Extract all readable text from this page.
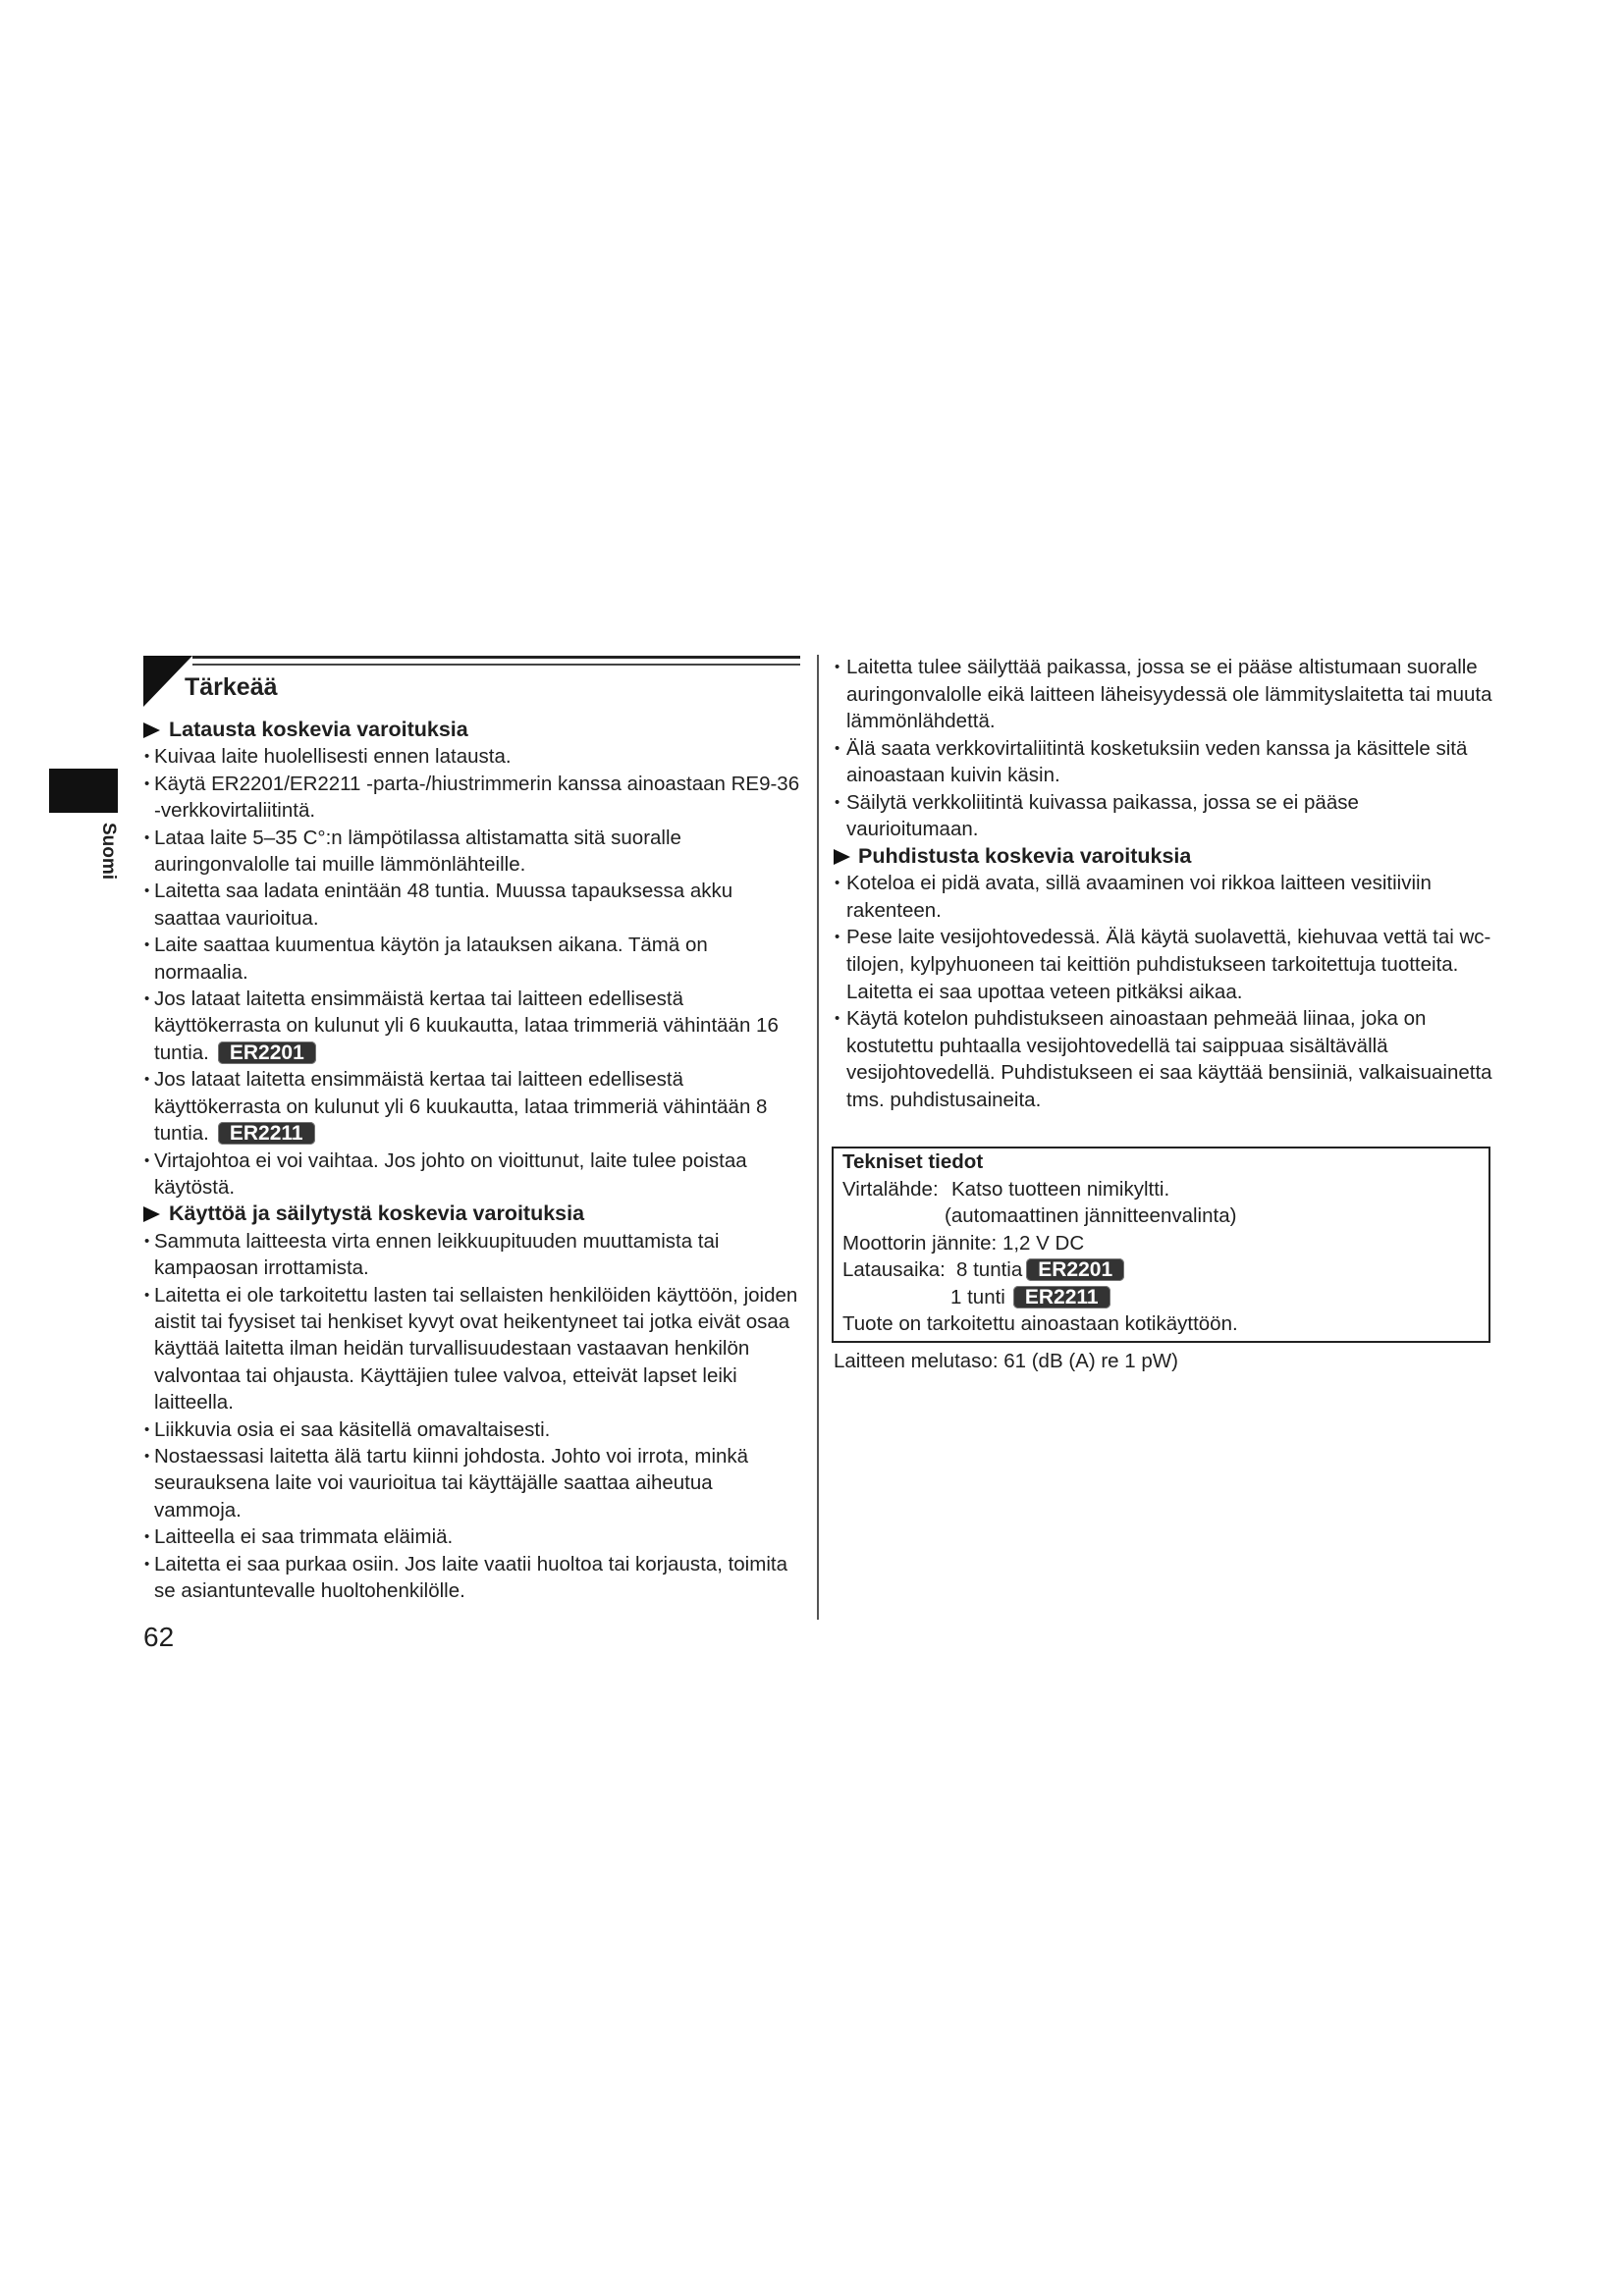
Suomi
Tärkeää
Latausta koskevia varoituksia
• Kuivaa laite huolellisesti ennen latausta.
• Käytä ER2201/ER2211 -parta-/hiustrimmerin kanssa ainoastaan RE9-36
-verkkovirtaliitintä.
• Lataa laite 5–35 C°:n lämpötilassa altistamatta sitä suoralle
auringonvalolle tai muille lämmönlähteille.
• Laitetta saa ladata enintään 48 tuntia. Muussa tapauksessa akku
saattaa vaurioitua.
• Laite saattaa kuumentua käytön ja latauksen aikana. Tämä on
normaalia.
• Jos lataat laitetta ensimmäistä kertaa tai laitteen edellisestä
käyttökerrasta on kulunut yli 6 kuukautta, lataa trimmeriä vähintään 16
tuntia. ER2201
• Jos lataat laitetta ensimmäistä kertaa tai laitteen edellisestä
käyttökerrasta on kulunut yli 6 kuukautta, lataa trimmeriä vähintään 8
tuntia. ER2211
• Virtajohtoa ei voi vaihtaa. Jos johto on vioittunut, laite tulee poistaa
käytöstä.
Käyttöä ja säilytystä koskevia varoituksia
• Sammuta laitteesta virta ennen leikkuupituuden muuttamista tai
kampaosan irrottamista.
• Laitetta ei ole tarkoitettu lasten tai sellaisten henkilöiden käyttöön, joiden
aistit tai fyysiset tai henkiset kyvyt ovat heikentyneet tai jotka eivät osaa
käyttää laitetta ilman heidän turvallisuudestaan vastaavan henkilön
valvontaa tai ohjausta. Käyttäjien tulee valvoa, etteivät lapset leiki
laitteella.
• Liikkuvia osia ei saa käsitellä omavaltaisesti.
• Nostaessasi laitetta älä tartu kiinni johdosta. Johto voi irrota, minkä
seurauksena laite voi vaurioitua tai käyttäjälle saattaa aiheutua
vammoja.
• Laitteella ei saa trimmata eläimiä.
• Laitetta ei saa purkaa osiin. Jos laite vaatii huoltoa tai korjausta, toimita
se asiantuntevalle huoltohenkilölle.
62
• Laitetta tulee säilyttää paikassa, jossa se ei pääse altistumaan suoralle
auringonvalolle eikä laitteen läheisyydessä ole lämmityslaitetta tai muuta
lämmönlähdettä.
• Älä saata verkkovirtaliitintä kosketuksiin veden kanssa ja käsittele sitä
ainoastaan kuivin käsin.
• Säilytä verkkoliitintä kuivassa paikassa, jossa se ei pääse
vaurioitumaan.
Puhdistusta koskevia varoituksia
• Koteloa ei pidä avata, sillä avaaminen voi rikkoa laitteen vesitiiviin
rakenteen.
• Pese laite vesijohtovedessä. Älä käytä suolavettä, kiehuvaa vettä tai wc-
tilojen, kylpyhuoneen tai keittiön puhdistukseen tarkoitettuja tuotteita.
Laitetta ei saa upottaa veteen pitkäksi aikaa.
• Käytä kotelon puhdistukseen ainoastaan pehmeää liinaa, joka on
kostutettu puhtaalla vesijohtovedellä tai saippuaa sisältävällä
vesijohtovedellä. Puhdistukseen ei saa käyttää bensiiniä, valkaisuainetta
tms. puhdistusaineita.
Tekniset tiedot
Virtalähde: Katso tuotteen nimikyltti.
(automaattinen jännitteenvalinta)
Moottorin jännite: 1,2 V DC
Latausaika: 8 tuntia ER2201
1 tunti ER2211
Tuote on tarkoitettu ainoastaan kotikäyttöön.
Laitteen melutaso: 61 (dB (A) re 1 pW)
